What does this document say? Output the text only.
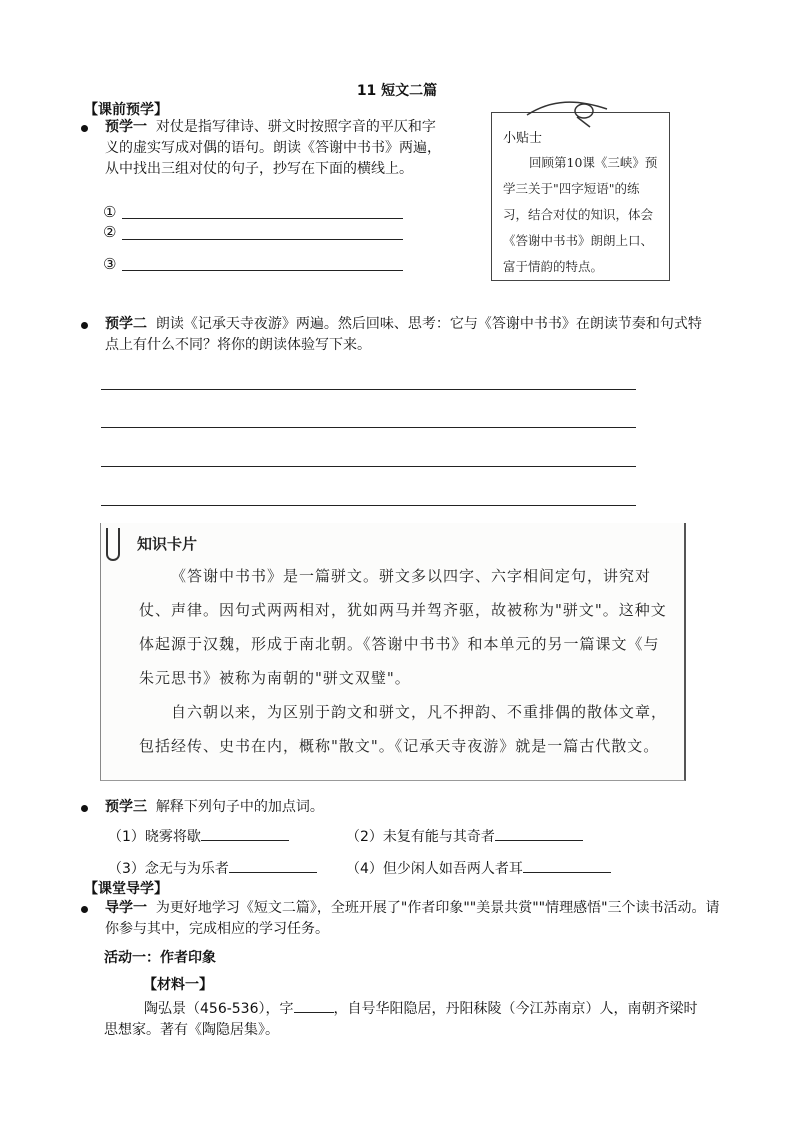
11 短文二篇
【课前预学】
预学一 对仗是指写律诗、骈文时按照字音的平仄和字义的虚实写成对偶的语句。朗读《答谢中书书》两遍，从中找出三组对仗的句子，抄写在下面的横线上。
①
②
③
小贴士
回顾第10课《三峡》预学三关于"四字短语"的练习，结合对仗的知识，体会《答谢中书书》朗朗上口、富于情韵的特点。
预学二 朗读《记承天寺夜游》两遍。然后回味、思考：它与《答谢中书书》在朗读节奏和句式特点上有什么不同？将你的朗读体验写下来。
知识卡片
《答谢中书书》是一篇骈文。骈文多以四字、六字相间定句，讲究对仗、声律。因句式两两相对，犹如两马并驾齐驱，故被称为"骈文"。这种文体起源于汉魏，形成于南北朝。《答谢中书书》和本单元的另一篇课文《与朱元思书》被称为南朝的"骈文双璧"。
自六朝以来，为区别于韵文和骈文，凡不押韵、不重排偶的散体文章，包括经传、史书在内，概称"散文"。《记承天寺夜游》就是一篇古代散文。
预学三 解释下列句子中的加点词。
（1）晓雾将歇	（2）未复有能与其奇者
（3）念无与为乐者	（4）但少闲人如吾两人者耳
【课堂导学】
导学一 为更好地学习《短文二篇》，全班开展了"作者印象""美景共赏""情理感悟"三个读书活动。请你参与其中，完成相应的学习任务。
活动一：作者印象
【材料一】
陶弘景（456-536），字	，自号华阳隐居，丹阳秣陵（今江苏南京）人，南朝齐梁时思想家。著有《陶隐居集》。
